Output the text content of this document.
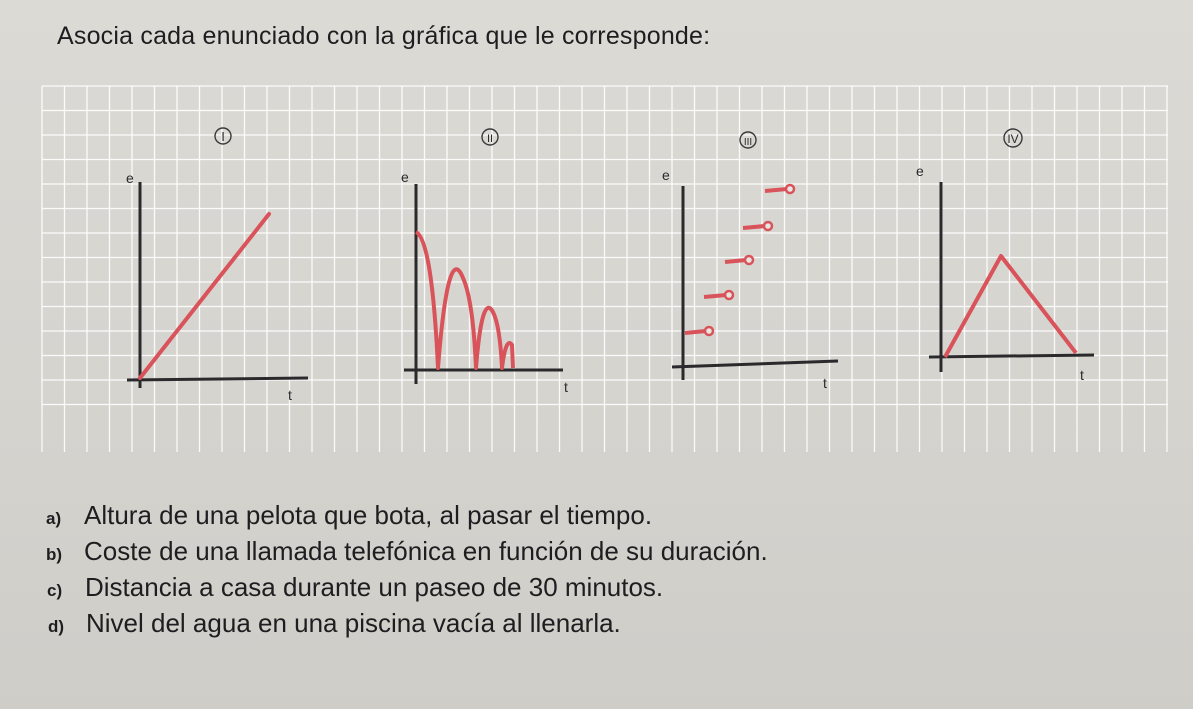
Asocia cada enunciado con la gráfica que le corresponde:
I
e
t
II
e
t
III
e
t
IV
e
t
a) Altura de una pelota que bota, al pasar el tiempo.
b) Coste de una llamada telefónica en función de su duración.
c) Distancia a casa durante un paseo de 30 minutos.
d) Nivel del agua en una piscina vacía al llenarla.
